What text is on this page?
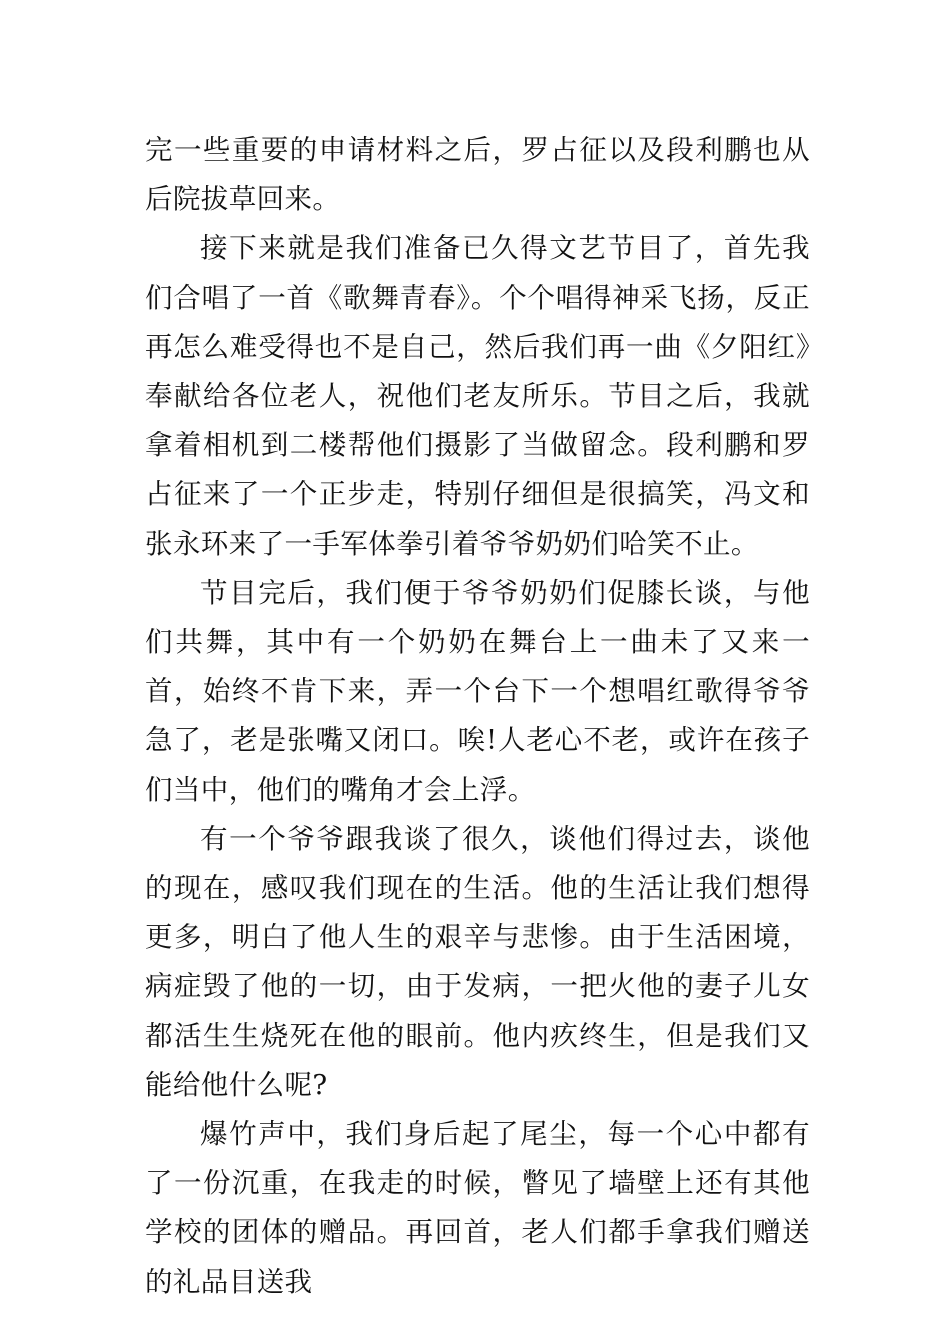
完一些重要的申请材料之后，罗占征以及段利鹏也从后院拔草回来。

接下来就是我们准备已久得文艺节目了，首先我们合唱了一首《歌舞青春》。个个唱得神采飞扬，反正再怎么难受得也不是自己，然后我们再一曲《夕阳红》奉献给各位老人，祝他们老友所乐。节目之后，我就拿着相机到二楼帮他们摄影了当做留念。段利鹏和罗占征来了一个正步走，特别仔细但是很搞笑，冯文和张永环来了一手军体拳引着爷爷奶奶们哈笑不止。

节目完后，我们便于爷爷奶奶们促膝长谈，与他们共舞，其中有一个奶奶在舞台上一曲未了又来一首，始终不肯下来，弄一个台下一个想唱红歌得爷爷急了，老是张嘴又闭口。唉!人老心不老，或许在孩子们当中，他们的嘴角才会上浮。

有一个爷爷跟我谈了很久，谈他们得过去，谈他的现在，感叹我们现在的生活。他的生活让我们想得更多，明白了他人生的艰辛与悲惨。由于生活困境，病症毁了他的一切，由于发病，一把火他的妻子儿女都活生生烧死在他的眼前。他内疚终生，但是我们又能给他什么呢?

爆竹声中，我们身后起了尾尘，每一个心中都有了一份沉重，在我走的时候，瞥见了墙壁上还有其他学校的团体的赠品。再回首，老人们都手拿我们赠送的礼品目送我
